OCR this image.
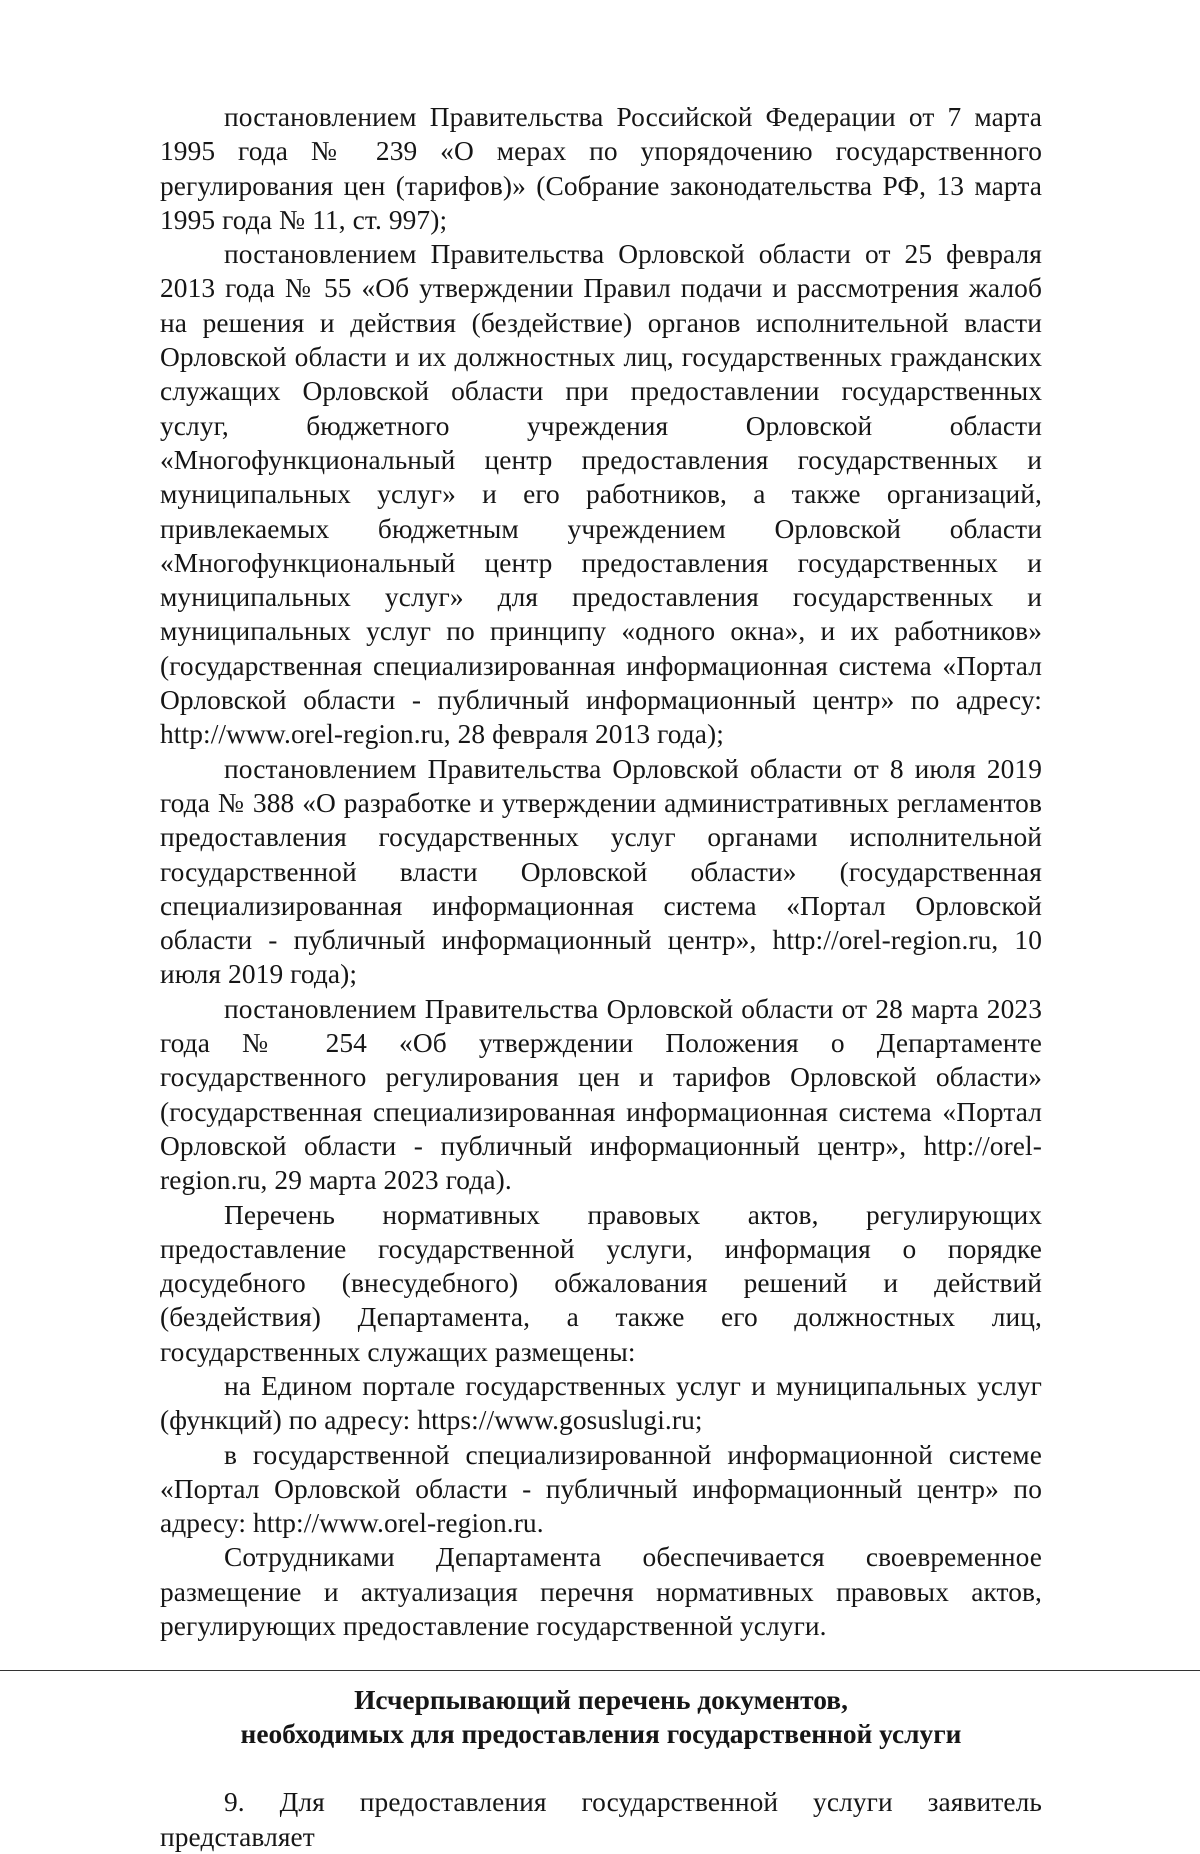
постановлением Правительства Российской Федерации от 7 марта 1995 года № 239 «О мерах по упорядочению государственного регулирования цен (тарифов)» (Собрание законодательства РФ, 13 марта 1995 года № 11, ст. 997);

постановлением Правительства Орловской области от 25 февраля 2013 года № 55 «Об утверждении Правил подачи и рассмотрения жалоб на решения и действия (бездействие) органов исполнительной власти Орловской области и их должностных лиц, государственных гражданских служащих Орловской области при предоставлении государственных услуг, бюджетного учреждения Орловской области «Многофункциональный центр предоставления государственных и муниципальных услуг» и его работников, а также организаций, привлекаемых бюджетным учреждением Орловской области «Многофункциональный центр предоставления государственных и муниципальных услуг» для предоставления государственных и муниципальных услуг по принципу «одного окна», и их работников» (государственная специализированная информационная система «Портал Орловской области - публичный информационный центр» по адресу: http://www.orel-region.ru, 28 февраля 2013 года);

постановлением Правительства Орловской области от 8 июля 2019 года № 388 «О разработке и утверждении административных регламентов предоставления государственных услуг органами исполнительной государственной власти Орловской области» (государственная специализированная информационная система «Портал Орловской области - публичный информационный центр», http://orel-region.ru, 10 июля 2019 года);

постановлением Правительства Орловской области от 28 марта 2023 года № 254 «Об утверждении Положения о Департаменте государственного регулирования цен и тарифов Орловской области» (государственная специализированная информационная система «Портал Орловской области - публичный информационный центр», http://orel-region.ru, 29 марта 2023 года).

Перечень нормативных правовых актов, регулирующих предоставление государственной услуги, информация о порядке досудебного (внесудебного) обжалования решений и действий (бездействия) Департамента, а также его должностных лиц, государственных служащих размещены:

на Едином портале государственных услуг и муниципальных услуг (функций) по адресу: https://www.gosuslugi.ru;

в государственной специализированной информационной системе «Портал Орловской области - публичный информационный центр» по адресу: http://www.orel-region.ru.

Сотрудниками Департамента обеспечивается своевременное размещение и актуализация перечня нормативных правовых актов, регулирующих предоставление государственной услуги.

Исчерпывающий перечень документов,
необходимых для предоставления государственной услуги

9. Для предоставления государственной услуги заявитель представляет
